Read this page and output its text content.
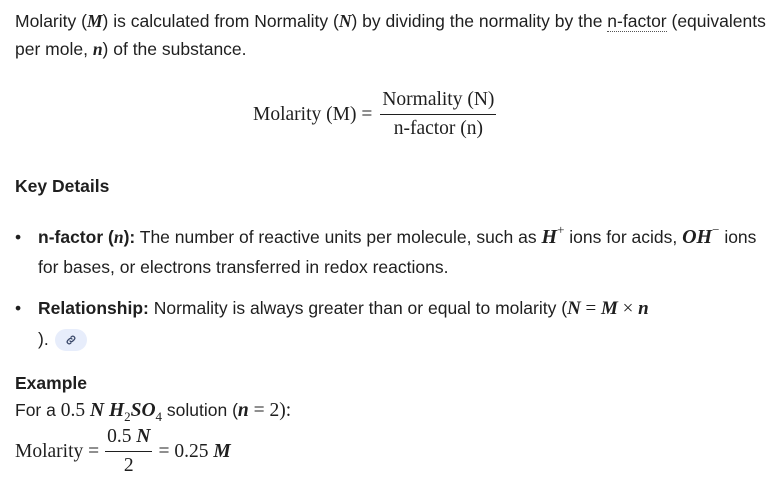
Molarity (M) is calculated from Normality (N) by dividing the normality by the n-factor (equivalents per mole, n) of the substance.
Molarity $(M) = \frac{\text{Normality (N)}}{\text{n-factor (n)}}$
Key Details
• n-factor (n): The number of reactive units per molecule, such as H+ ions for acids, OH− ions for bases, or electrons transferred in redox reactions.
• Relationship: Normality is always greater than or equal to molarity (N = M × n
).
Example
For a 0.5 N $H_2SO_4$ solution (n = 2):
Molarity = $\frac{0.5 N}{2} = 0.25$
M
